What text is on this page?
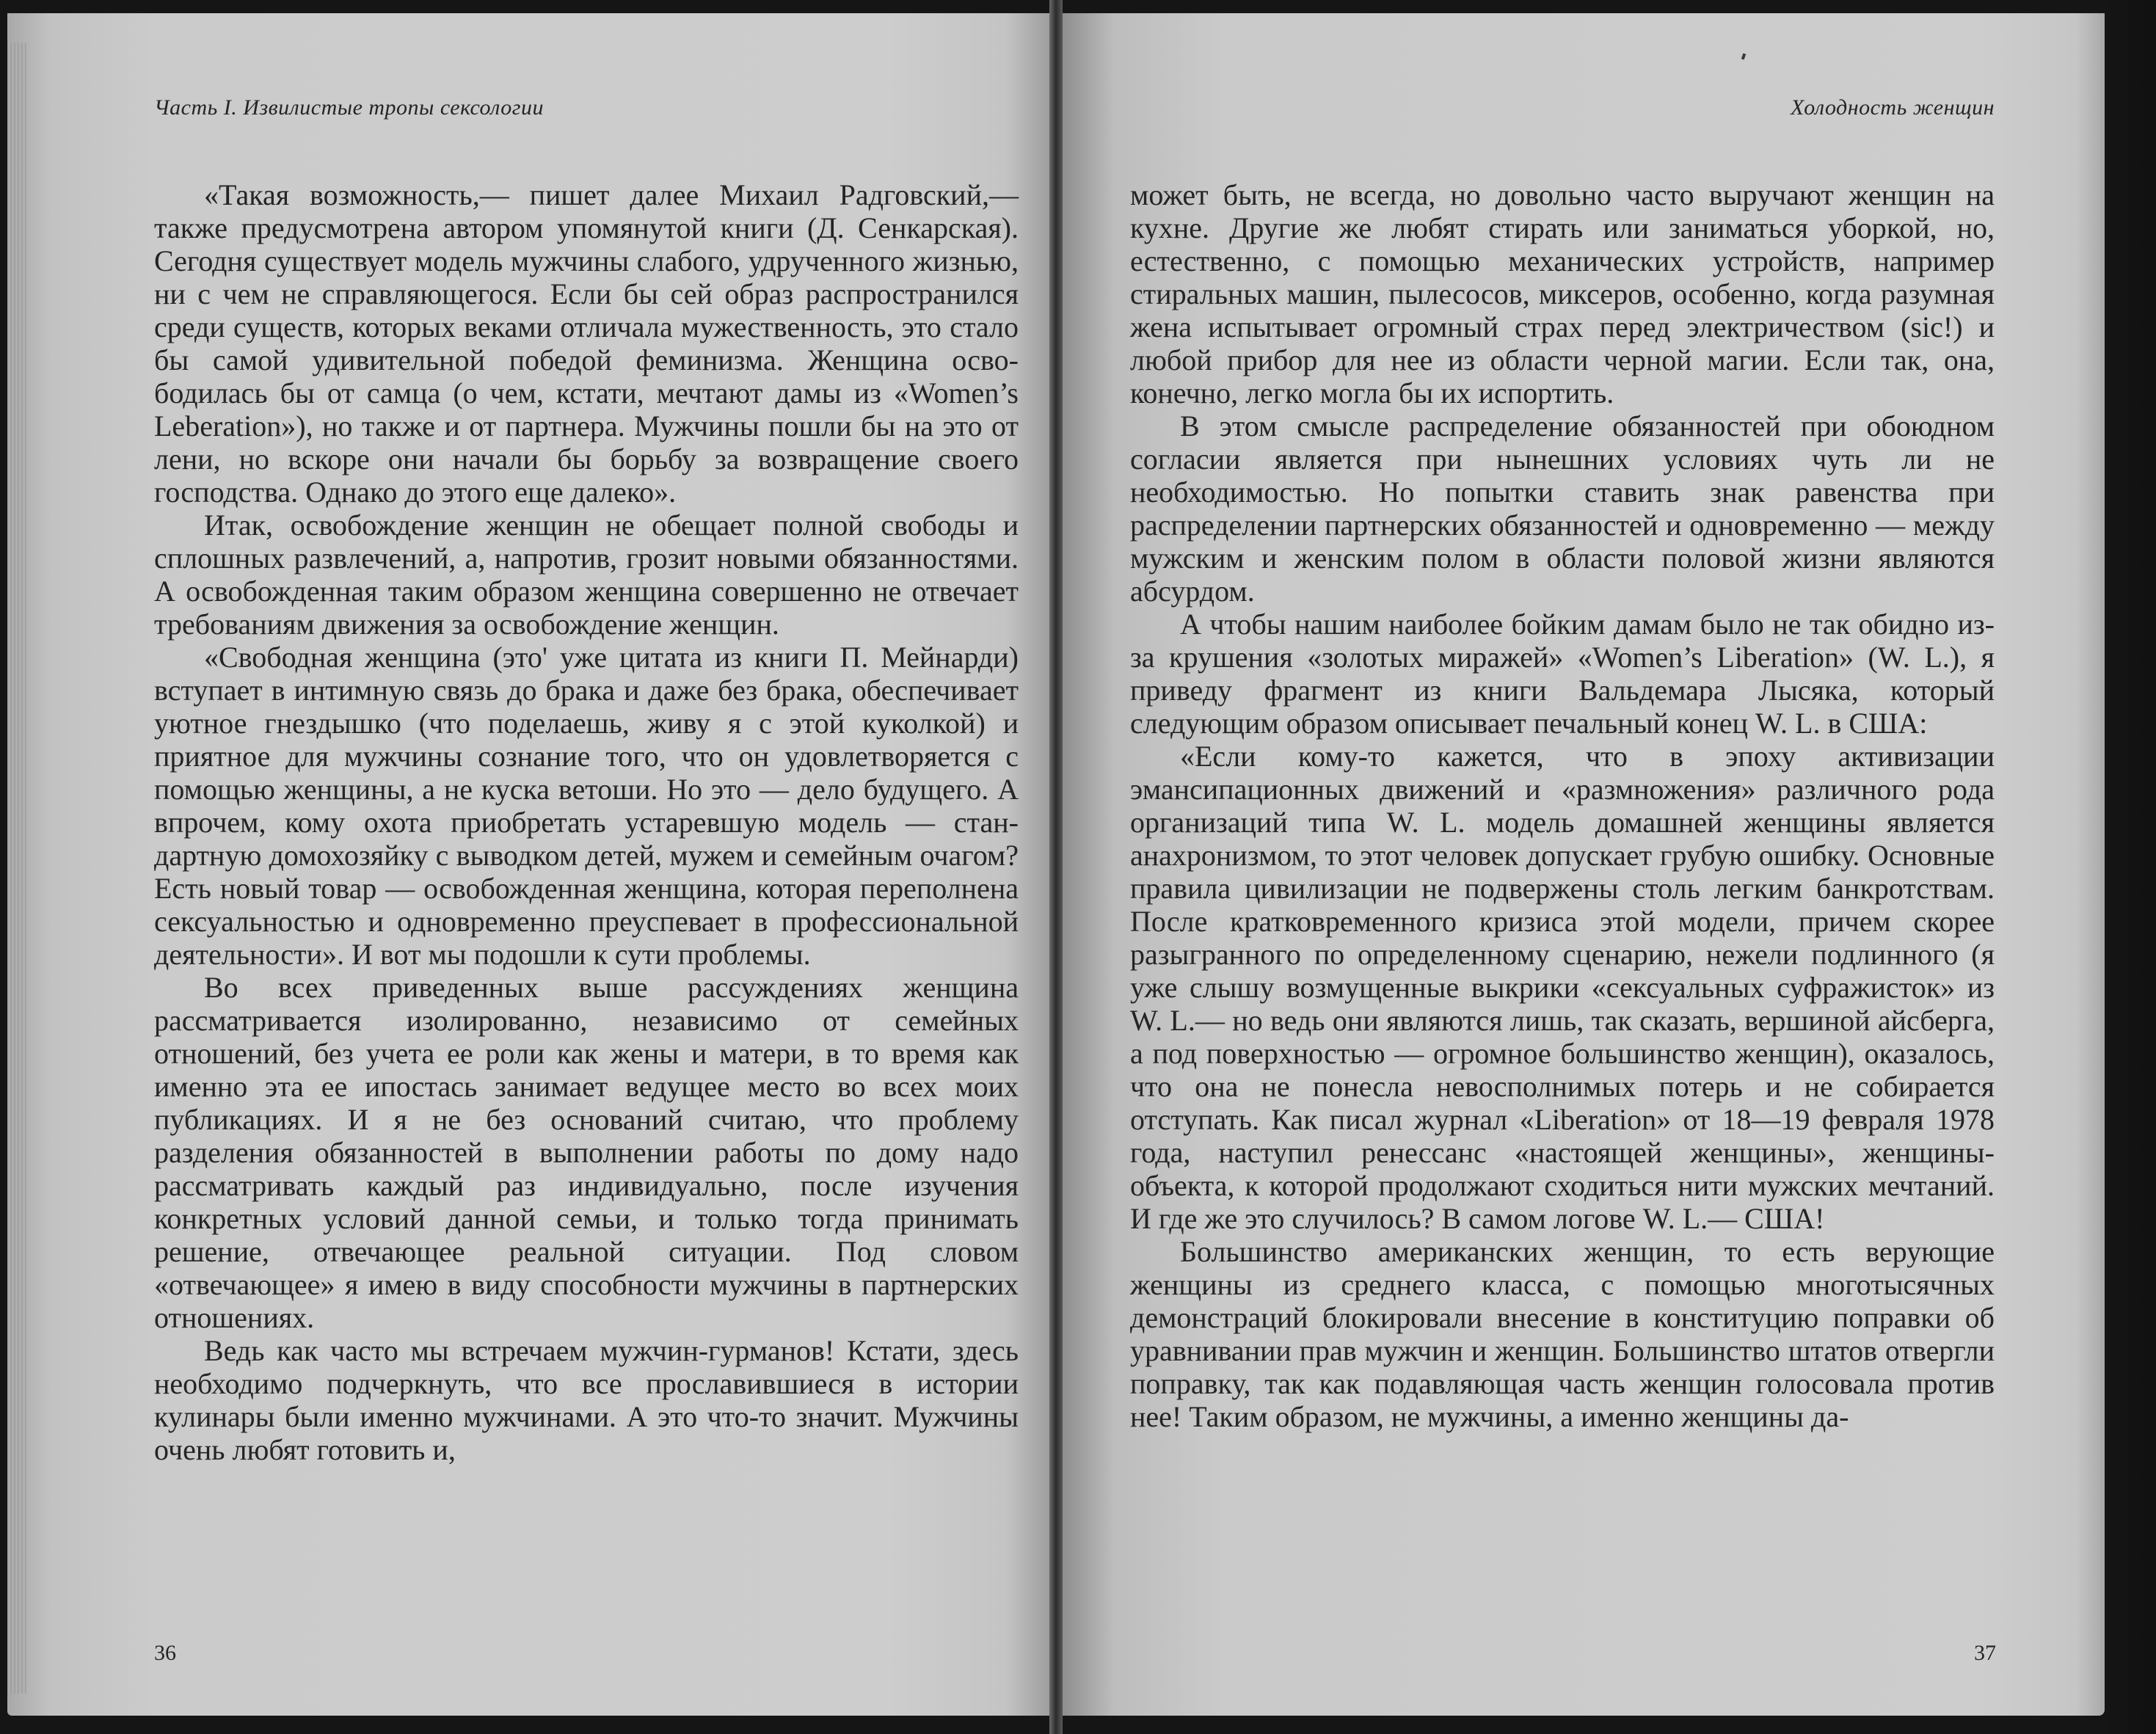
Часть I. Извилистые тропы сексологии

«Такая возможность,— пишет далее Михаил Радговский,— также предусмотрена автором упомянутой книги (Д. Сенкарская). Сегодня существует модель мужчины слабого, удрученного жизнью, ни с чем не справляющегося. Если бы сей образ распространился среди существ, которых веками отличала мужественность, это стало бы самой удивительной победой феминизма. Женщина освободилась бы от самца (о чем, кстати, мечтают дамы из «Women’s Leberation»), но также и от партнера. Мужчины пошли бы на это от лени, но вскоре они начали бы борьбу за возвращение своего господства. Однако до этого еще далеко».

Итак, освобождение женщин не обещает полной свободы и сплошных развлечений, а, напротив, грозит новыми обязанностями. А освобожденная таким образом женщина совершенно не отвечает требованиям движения за освобождение женщин.

«Свободная женщина (это' уже цитата из книги П. Мейнарди) вступает в интимную связь до брака и даже без брака, обеспечивает уютное гнездышко (что поделаешь, живу я с этой куколкой) и приятное для мужчины сознание того, что он удовлетворяется с помощью женщины, а не куска ветоши. Но это — дело будущего. А впрочем, кому охота приобретать устаревшую модель — стандартную домохозяйку с выводком детей, мужем и семейным очагом? Есть новый товар — освобожденная женщина, которая переполнена сексуальностью и одновременно преуспевает в профессиональной деятельности». И вот мы подошли к сути проблемы.

Во всех приведенных выше рассуждениях женщина рассматривается изолированно, независимо от семейных отношений, без учета ее роли как жены и матери, в то время как именно эта ее ипостась занимает ведущее место во всех моих публикациях. И я не без оснований считаю, что проблему разделения обязанностей в выполнении работы по дому надо рассматривать каждый раз индивидуально, после изучения конкретных условий данной семьи, и только тогда принимать решение, отвечающее реальной ситуации. Под словом «отвечающее» я имею в виду способности мужчины в партнерских отношениях.

Ведь как часто мы встречаем мужчин-гурманов! Кстати, здесь необходимо подчеркнуть, что все прославившиеся в истории кулинары были именно мужчинами. А это что-то значит. Мужчины очень любят готовить и,

36
Холодность женщин

может быть, не всегда, но довольно часто выручают женщин на кухне. Другие же любят стирать или заниматься уборкой, но, естественно, с помощью механических устройств, например стиральных машин, пылесосов, миксеров, особенно, когда разумная жена испытывает огромный страх перед электричеством (sic!) и любой прибор для нее из области черной магии. Если так, она, конечно, легко могла бы их испортить.

В этом смысле распределение обязанностей при обоюдном согласии является при нынешних условиях чуть ли не необходимостью. Но попытки ставить знак равенства при распределении партнерских обязанностей и одновременно — между мужским и женским полом в области половой жизни являются абсурдом.

А чтобы нашим наиболее бойким дамам было не так обидно из-за крушения «золотых миражей» «Women’s Liberation» (W. L.), я приведу фрагмент из книги Вальдемара Лысяка, который следующим образом описывает печальный конец W. L. в США:

«Если кому-то кажется, что в эпоху активизации эмансипационных движений и «размножения» различного рода организаций типа W. L. модель домашней женщины является анахронизмом, то этот человек допускает грубую ошибку. Основные правила цивилизации не подвержены столь легким банкротствам. После кратковременного кризиса этой модели, причем скорее разыгранного по определенному сценарию, нежели подлинного (я уже слышу возмущенные выкрики «сексуальных суфражисток» из W. L.— но ведь они являются лишь, так сказать, вершиной айсберга, а под поверхностью — огромное большинство женщин), оказалось, что она не понесла невосполнимых потерь и не собирается отступать. Как писал журнал «Liberation» от 18—19 февраля 1978 года, наступил ренессанс «настоящей женщины», женщины-объекта, к которой продолжают сходиться нити мужских мечтаний. И где же это случилось? В самом логове W. L.— США!

Большинство американских женщин, то есть верующие женщины из среднего класса, с помощью многотысячных демонстраций блокировали внесение в конституцию поправки об уравнивании прав мужчин и женщин. Большинство штатов отвергли поправку, так как подавляющая часть женщин голосовала против нее! Таким образом, не мужчины, а именно женщины да-

37
